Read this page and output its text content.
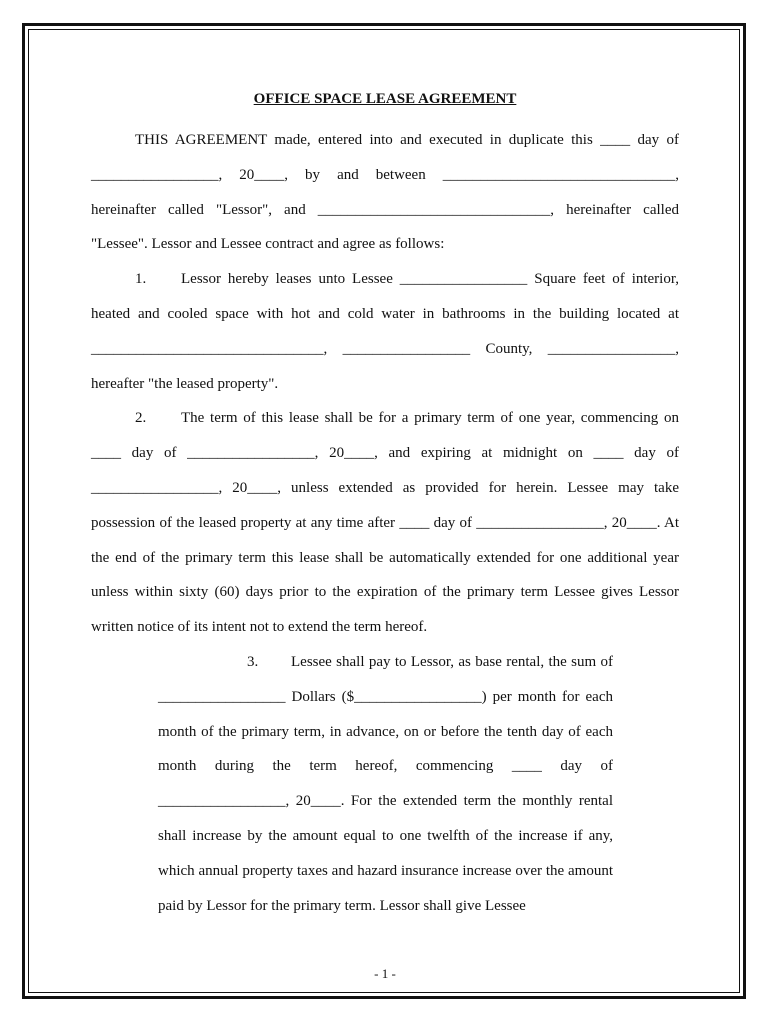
OFFICE SPACE LEASE AGREEMENT

THIS AGREEMENT made, entered into and executed in duplicate this ____ day of _________________, 20____, by and between _______________________________, hereinafter called "Lessor", and _______________________________, hereinafter called "Lessee". Lessor and Lessee contract and agree as follows:

1. Lessor hereby leases unto Lessee _________________ Square feet of interior, heated and cooled space with hot and cold water in bathrooms in the building located at _______________________________, _________________ County, _________________, hereafter "the leased property".

2. The term of this lease shall be for a primary term of one year, commencing on ____ day of _________________, 20____, and expiring at midnight on ____ day of _________________, 20____, unless extended as provided for herein. Lessee may take possession of the leased property at any time after ____ day of _________________, 20____. At the end of the primary term this lease shall be automatically extended for one additional year unless within sixty (60) days prior to the expiration of the primary term Lessee gives Lessor written notice of its intent not to extend the term hereof.

3. Lessee shall pay to Lessor, as base rental, the sum of _________________ Dollars ($_________________) per month for each month of the primary term, in advance, on or before the tenth day of each month during the term hereof, commencing ____ day of _________________, 20____. For the extended term the monthly rental shall increase by the amount equal to one twelfth of the increase if any, which annual property taxes and hazard insurance increase over the amount paid by Lessor for the primary term. Lessor shall give Lessee

- 1 -
